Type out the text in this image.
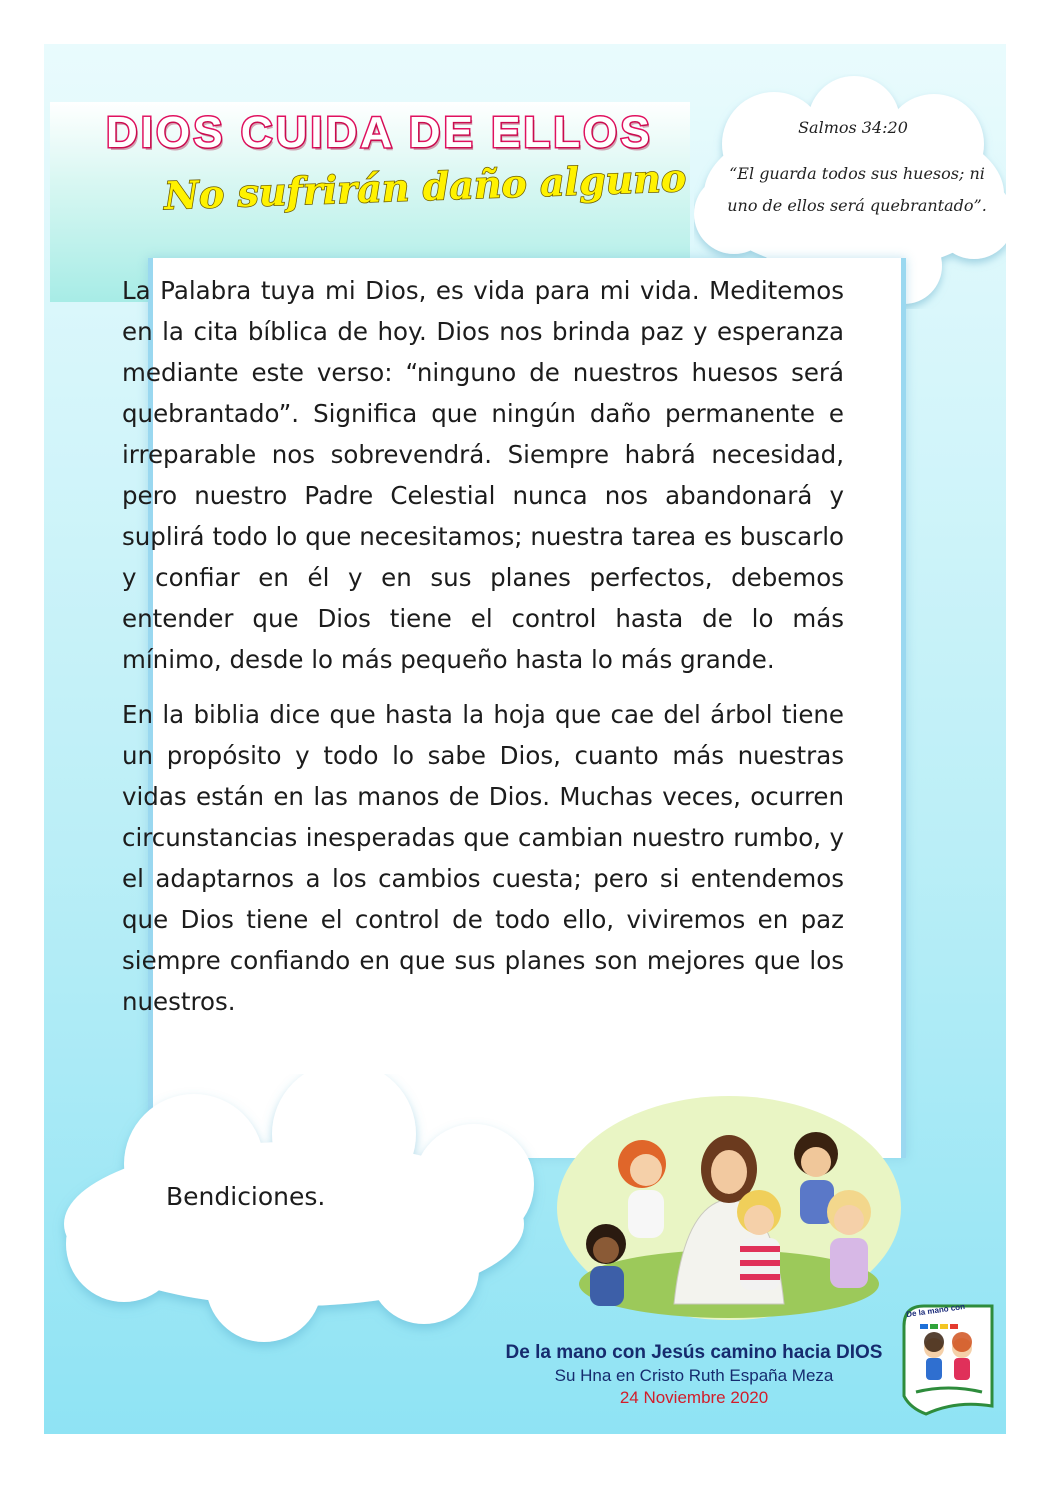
DIOS CUIDA DE ELLOS
No sufrirán daño alguno
Salmos 34:20
“El guarda todos sus huesos; ni uno de ellos será quebrantado”.
Bendiciones.
De la mano con Jesús camino hacia DIOS
Su Hna en Cristo Ruth España Meza
24 Noviembre 2020
De la mano con

La Palabra tuya mi Dios, es vida para mi vida. Meditemos en la cita bíblica de hoy. Dios nos brinda paz y esperanza mediante este verso: “ninguno de nuestros huesos será quebrantado”. Significa que ningún daño permanente e irreparable nos sobrevendrá. Siempre habrá necesidad, pero nuestro Padre Celestial nunca nos abandonará y suplirá todo lo que necesitamos; nuestra tarea es buscarlo y confiar en él y en sus planes perfectos, debemos entender que Dios tiene el control hasta de lo más mínimo, desde lo más pequeño hasta lo más grande.

En la biblia dice que hasta la hoja que cae del árbol tiene un propósito y todo lo sabe Dios, cuanto más nuestras vidas están en las manos de Dios. Muchas veces, ocurren circunstancias inesperadas que cambian nuestro rumbo, y el adaptarnos a los cambios cuesta; pero si entendemos que Dios tiene el control de todo ello, viviremos en paz siempre confiando en que sus planes son mejores que los nuestros.
